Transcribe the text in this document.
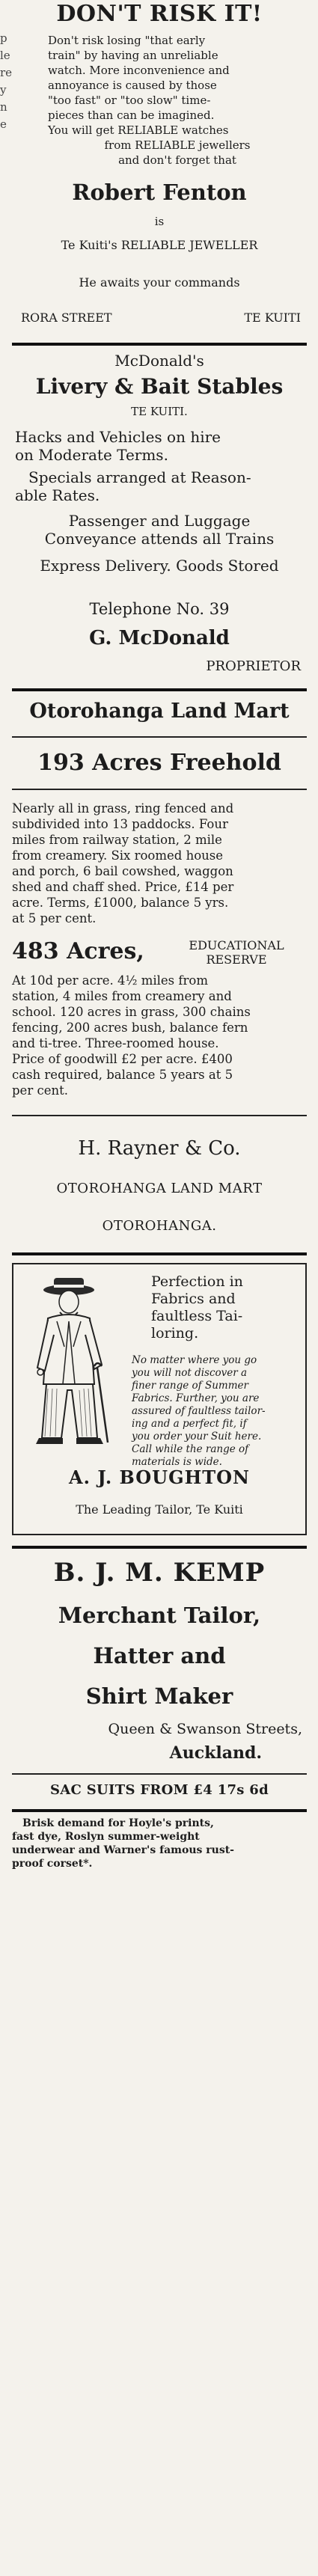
p
le
re
y
n
e
DON'T RISK IT!
Don't risk losing "that early
train" by having an unreliable
watch. More inconvenience and
annoyance is caused by those
"too fast" or "too slow" time-
pieces than can be imagined.
You will get RELIABLE watches
from RELIABLE jewellers
and don't forget that
Robert Fenton
is
Te Kuiti's RELIABLE JEWELLER
He awaits your commands
RORA STREET	TE KUITI
McDonald's
Livery & Bait Stables
TE KUITI.
Hacks and Vehicles on hire
on Moderate Terms.
Specials arranged at Reason-
able Rates.
Passenger and Luggage
Conveyance attends all Trains
Express Delivery. Goods Stored
Telephone No. 39
G. McDonald
PROPRIETOR
Otorohanga Land Mart
193 Acres Freehold
Nearly all in grass, ring fenced and
subdivided into 13 paddocks. Four
miles from railway station, 2 mile
from creamery. Six roomed house
and porch, 6 bail cowshed, waggon
shed and chaff shed. Price, £14 per
acre. Terms, £1000, balance 5 yrs.
at 5 per cent.
483 Acres,	EDUCATIONAL
RESERVE
At 10d per acre. 4½ miles from
station, 4 miles from creamery and
school. 120 acres in grass, 300 chains
fencing, 200 acres bush, balance fern
and ti-tree. Three-roomed house.
Price of goodwill £2 per acre. £400
cash required, balance 5 years at 5
per cent.
H. Rayner & Co.
OTOROHANGA LAND MART
OTOROHANGA.
Perfection in
Fabrics and
faultless Tai-
loring.
No matter where you go
you will not discover a
finer range of Summer
Fabrics. Further, you are
assured of faultless tailor-
ing and a perfect fit, if
you order your Suit here.
Call while the range of
materials is wide.
A. J. BOUGHTON
The Leading Tailor, Te Kuiti
B. J. M. KEMP
Merchant Tailor,
Hatter and
Shirt Maker
Queen & Swanson Streets,
Auckland.
SAC SUITS FROM £4 17s 6d
Brisk demand for Hoyle's prints,
fast dye, Roslyn summer-weight
underwear and Warner's famous rust-
proof corset*.
